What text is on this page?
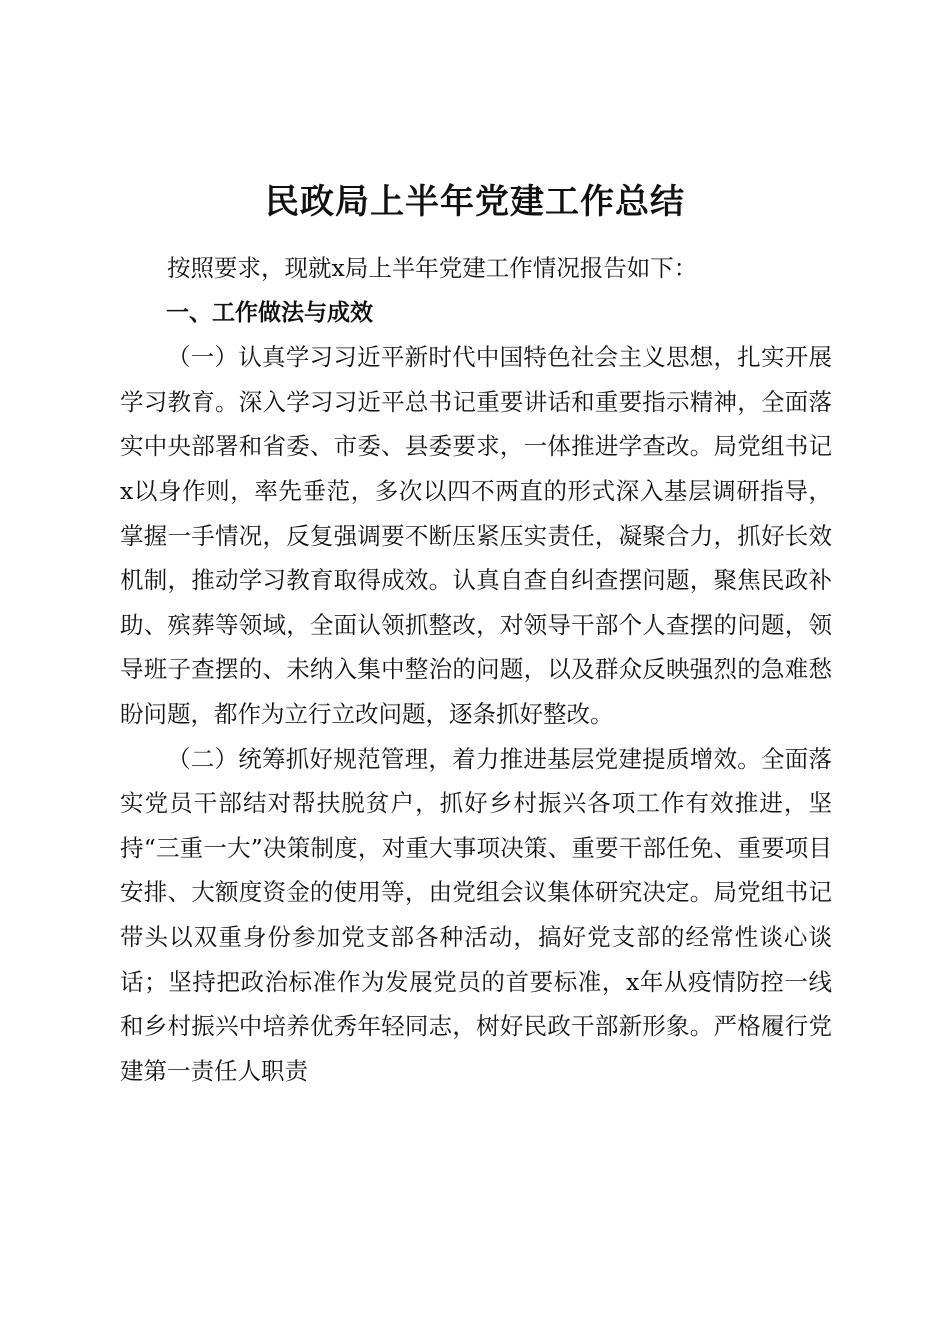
民政局上半年党建工作总结

按照要求，现就x局上半年党建工作情况报告如下：

一、工作做法与成效

（一）认真学习习近平新时代中国特色社会主义思想，扎实开展学习教育。深入学习习近平总书记重要讲话和重要指示精神，全面落实中央部署和省委、市委、县委要求，一体推进学查改。局党组书记x以身作则，率先垂范，多次以四不两直的形式深入基层调研指导，掌握一手情况，反复强调要不断压紧压实责任，凝聚合力，抓好长效机制，推动学习教育取得成效。认真自查自纠查摆问题，聚焦民政补助、殡葬等领域，全面认领抓整改，对领导干部个人查摆的问题，领导班子查摆的、未纳入集中整治的问题，以及群众反映强烈的急难愁盼问题，都作为立行立改问题，逐条抓好整改。

（二）统筹抓好规范管理，着力推进基层党建提质增效。全面落实党员干部结对帮扶脱贫户，抓好乡村振兴各项工作有效推进，坚持“三重一大”决策制度，对重大事项决策、重要干部任免、重要项目安排、大额度资金的使用等，由党组会议集体研究决定。局党组书记带头以双重身份参加党支部各种活动，搞好党支部的经常性谈心谈话；坚持把政治标准作为发展党员的首要标准，x年从疫情防控一线和乡村振兴中培养优秀年轻同志，树好民政干部新形象。严格履行党建第一责任人职责
